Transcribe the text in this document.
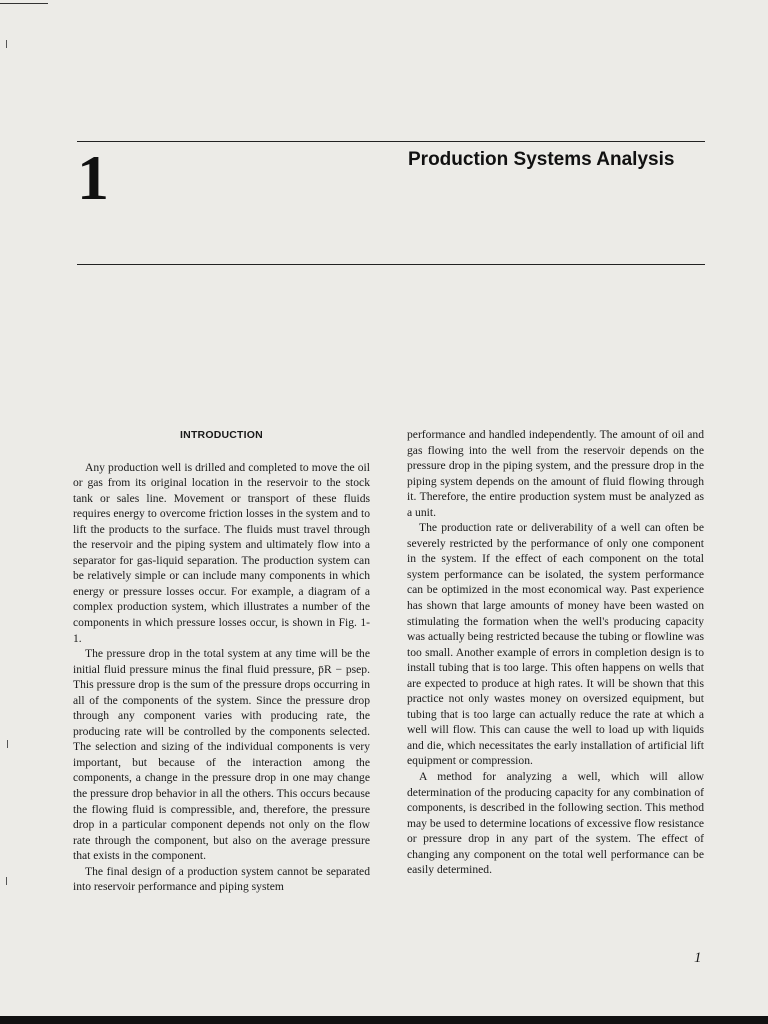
1	Production Systems Analysis
INTRODUCTION

Any production well is drilled and completed to move the oil or gas from its original location in the reservoir to the stock tank or sales line. Movement or transport of these fluids requires energy to overcome friction losses in the system and to lift the products to the surface. The fluids must travel through the reservoir and the piping system and ultimately flow into a separator for gas-liquid separation. The production system can be relatively simple or can include many components in which energy or pressure losses occur. For example, a diagram of a complex production system, which illustrates a number of the components in which pressure losses occur, is shown in Fig. 1-1.

The pressure drop in the total system at any time will be the initial fluid pressure minus the final fluid pressure, p̄R − psep. This pressure drop is the sum of the pressure drops occurring in all of the components of the system. Since the pressure drop through any component varies with producing rate, the producing rate will be controlled by the components selected. The selection and sizing of the individual components is very important, but because of the interaction among the components, a change in the pressure drop in one may change the pressure drop behavior in all the others. This occurs because the flowing fluid is compressible, and, therefore, the pressure drop in a particular component depends not only on the flow rate through the component, but also on the average pressure that exists in the component.

The final design of a production system cannot be separated into reservoir performance and piping system

performance and handled independently. The amount of oil and gas flowing into the well from the reservoir depends on the pressure drop in the piping system, and the pressure drop in the piping system depends on the amount of fluid flowing through it. Therefore, the entire production system must be analyzed as a unit.

The production rate or deliverability of a well can often be severely restricted by the performance of only one component in the system. If the effect of each component on the total system performance can be isolated, the system performance can be optimized in the most economical way. Past experience has shown that large amounts of money have been wasted on stimulating the formation when the well's producing capacity was actually being restricted because the tubing or flowline was too small. Another example of errors in completion design is to install tubing that is too large. This often happens on wells that are expected to produce at high rates. It will be shown that this practice not only wastes money on oversized equipment, but tubing that is too large can actually reduce the rate at which a well will flow. This can cause the well to load up with liquids and die, which necessitates the early installation of artificial lift equipment or compression.

A method for analyzing a well, which will allow determination of the producing capacity for any combination of components, is described in the following section. This method may be used to determine locations of excessive flow resistance or pressure drop in any part of the system. The effect of changing any component on the total well performance can be easily determined.

1
